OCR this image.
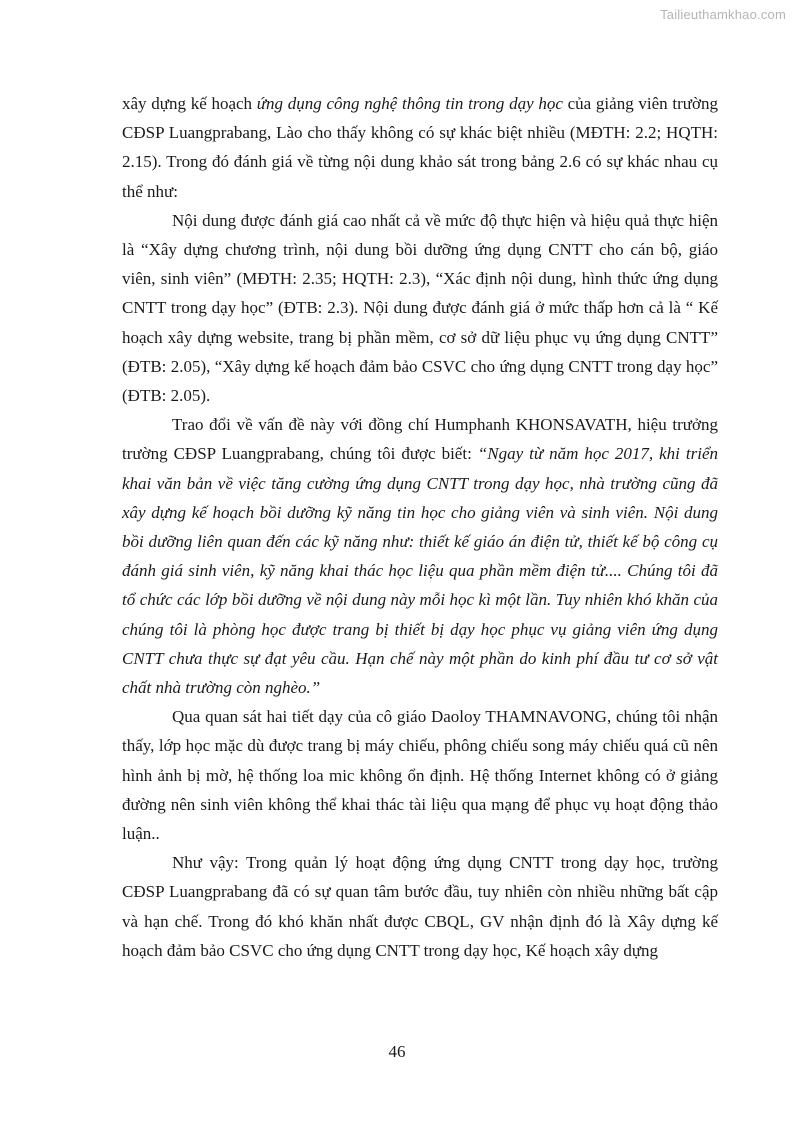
Tailieuthamkhao.com

xây dựng kế hoạch ứng dụng công nghệ thông tin trong dạy học của giảng viên trường CĐSP Luangprabang, Lào cho thấy không có sự khác biệt nhiều (MĐTH: 2.2; HQTH: 2.15). Trong đó đánh giá về từng nội dung khảo sát trong bảng 2.6 có sự khác nhau cụ thể như:

Nội dung được đánh giá cao nhất cả về mức độ thực hiện và hiệu quả thực hiện là “Xây dựng chương trình, nội dung bồi dưỡng ứng dụng CNTT cho cán bộ, giáo viên, sinh viên” (MĐTH: 2.35; HQTH: 2.3), “Xác định nội dung, hình thức ứng dụng CNTT trong dạy học” (ĐTB: 2.3). Nội dung được đánh giá ở mức thấp hơn cả là “ Kế hoạch xây dựng website, trang bị phần mềm, cơ sở dữ liệu phục vụ ứng dụng CNTT” (ĐTB: 2.05), “Xây dựng kế hoạch đảm bảo CSVC cho ứng dụng CNTT trong dạy học” (ĐTB: 2.05).

Trao đổi về vấn đề này với đồng chí Humphanh KHONSAVATH, hiệu trưởng trường CĐSP Luangprabang, chúng tôi được biết: “Ngay từ năm học 2017, khi triển khai văn bản về việc tăng cường ứng dụng CNTT trong dạy học, nhà trường cũng đã xây dựng kế hoạch bồi dưỡng kỹ năng tin học cho giảng viên và sinh viên. Nội dung bồi dưỡng liên quan đến các kỹ năng như: thiết kế giáo án điện tử, thiết kế bộ công cụ đánh giá sinh viên, kỹ năng khai thác học liệu qua phần mềm điện tử.... Chúng tôi đã tổ chức các lớp bồi dưỡng về nội dung này mỗi học kì một lần. Tuy nhiên khó khăn của chúng tôi là phòng học được trang bị thiết bị dạy học phục vụ giảng viên ứng dụng CNTT chưa thực sự đạt yêu cầu. Hạn chế này một phần do kinh phí đầu tư cơ sở vật chất nhà trường còn nghèo.”

Qua quan sát hai tiết dạy của cô giáo Daoloy THAMNAVONG, chúng tôi nhận thấy, lớp học mặc dù được trang bị máy chiếu, phông chiếu song máy chiếu quá cũ nên hình ảnh bị mờ, hệ thống loa mic không ổn định. Hệ thống Internet không có ở giảng đường nên sinh viên không thể khai thác tài liệu qua mạng để phục vụ hoạt động thảo luận..

Như vậy: Trong quản lý hoạt động ứng dụng CNTT trong dạy học, trường CĐSP Luangprabang đã có sự quan tâm bước đầu, tuy nhiên còn nhiều những bất cập và hạn chế. Trong đó khó khăn nhất được CBQL, GV nhận định đó là Xây dựng kế hoạch đảm bảo CSVC cho ứng dụng CNTT trong dạy học, Kế hoạch xây dựng

46
